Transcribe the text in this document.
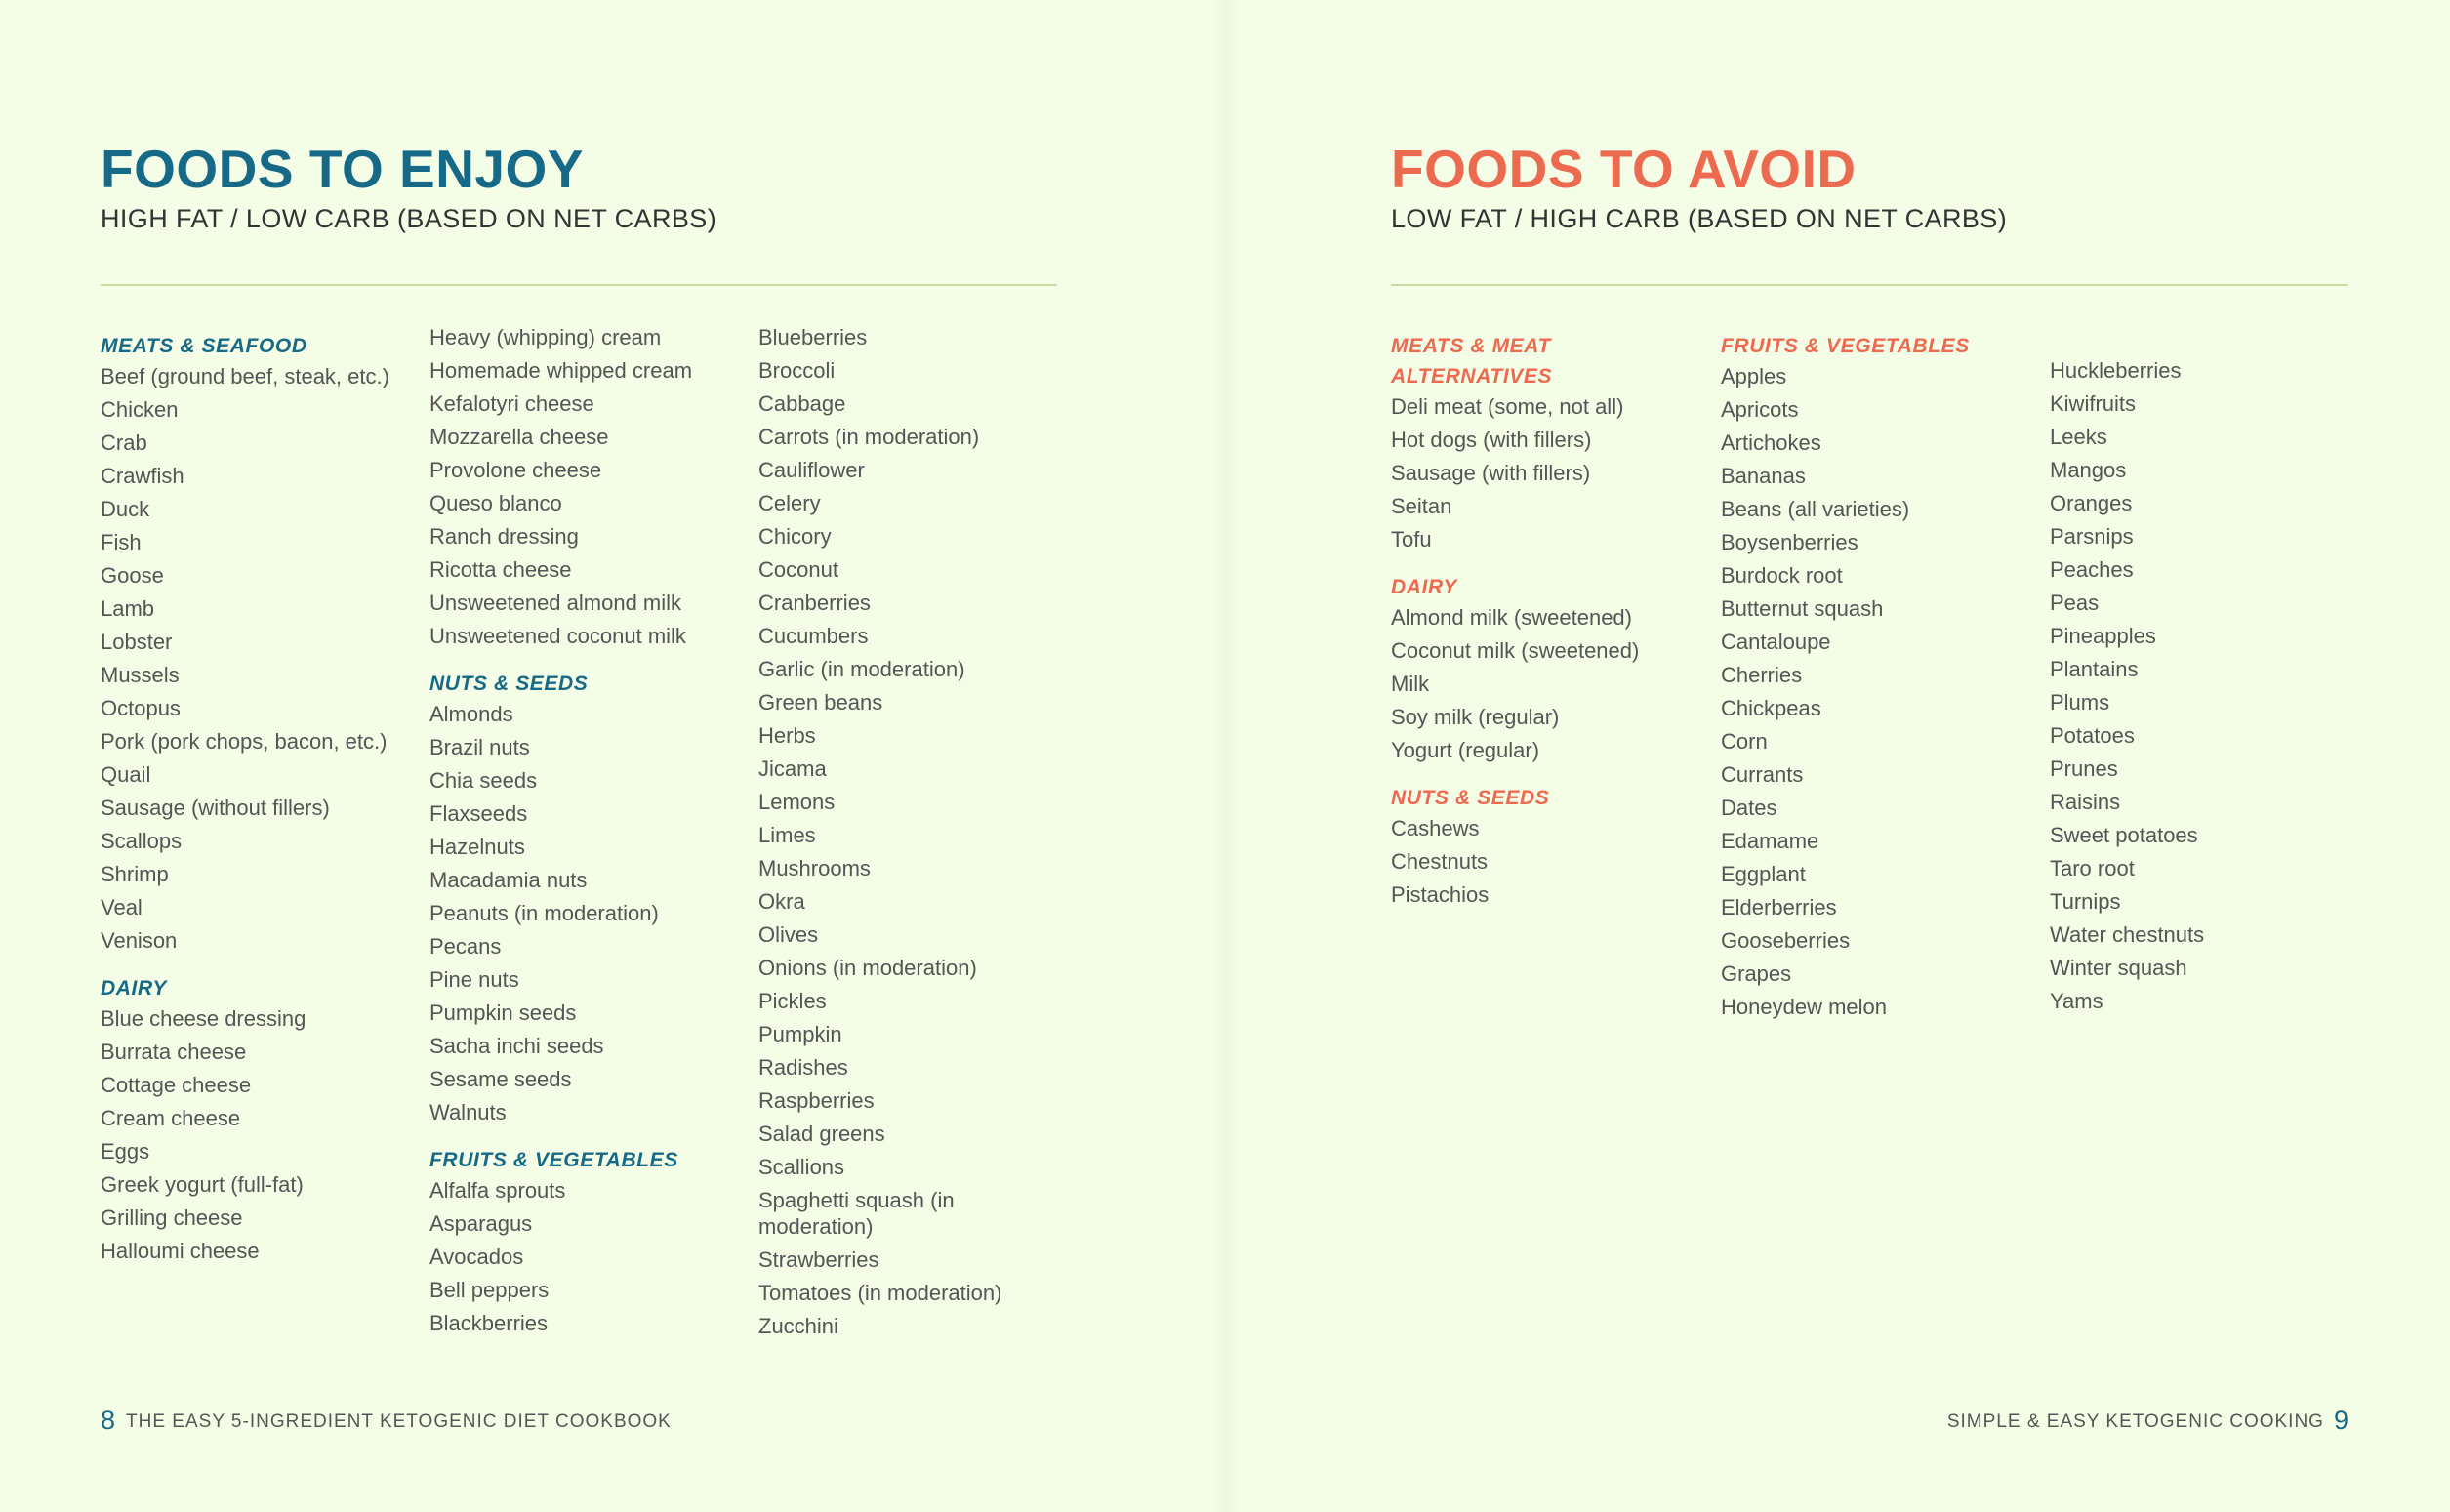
FOODS TO ENJOY
HIGH FAT / LOW CARB (BASED ON NET CARBS)
MEATS & SEAFOOD
Beef (ground beef, steak, etc.)
Chicken
Crab
Crawfish
Duck
Fish
Goose
Lamb
Lobster
Mussels
Octopus
Pork (pork chops, bacon, etc.)
Quail
Sausage (without fillers)
Scallops
Shrimp
Veal
Venison
DAIRY
Blue cheese dressing
Burrata cheese
Cottage cheese
Cream cheese
Eggs
Greek yogurt (full-fat)
Grilling cheese
Halloumi cheese
Heavy (whipping) cream
Homemade whipped cream
Kefalotyri cheese
Mozzarella cheese
Provolone cheese
Queso blanco
Ranch dressing
Ricotta cheese
Unsweetened almond milk
Unsweetened coconut milk
NUTS & SEEDS
Almonds
Brazil nuts
Chia seeds
Flaxseeds
Hazelnuts
Macadamia nuts
Peanuts (in moderation)
Pecans
Pine nuts
Pumpkin seeds
Sacha inchi seeds
Sesame seeds
Walnuts
FRUITS & VEGETABLES
Alfalfa sprouts
Asparagus
Avocados
Bell peppers
Blackberries
Blueberries
Broccoli
Cabbage
Carrots (in moderation)
Cauliflower
Celery
Chicory
Coconut
Cranberries
Cucumbers
Garlic (in moderation)
Green beans
Herbs
Jicama
Lemons
Limes
Mushrooms
Okra
Olives
Onions (in moderation)
Pickles
Pumpkin
Radishes
Raspberries
Salad greens
Scallions
Spaghetti squash (in moderation)
Strawberries
Tomatoes (in moderation)
Zucchini
8 THE EASY 5-INGREDIENT KETOGENIC DIET COOKBOOK
FOODS TO AVOID
LOW FAT / HIGH CARB (BASED ON NET CARBS)
MEATS & MEAT ALTERNATIVES
Deli meat (some, not all)
Hot dogs (with fillers)
Sausage (with fillers)
Seitan
Tofu
DAIRY
Almond milk (sweetened)
Coconut milk (sweetened)
Milk
Soy milk (regular)
Yogurt (regular)
NUTS & SEEDS
Cashews
Chestnuts
Pistachios
FRUITS & VEGETABLES
Apples
Apricots
Artichokes
Bananas
Beans (all varieties)
Boysenberries
Burdock root
Butternut squash
Cantaloupe
Cherries
Chickpeas
Corn
Currants
Dates
Edamame
Eggplant
Elderberries
Gooseberries
Grapes
Honeydew melon
Huckleberries
Kiwifruits
Leeks
Mangos
Oranges
Parsnips
Peaches
Peas
Pineapples
Plantains
Plums
Potatoes
Prunes
Raisins
Sweet potatoes
Taro root
Turnips
Water chestnuts
Winter squash
Yams
SIMPLE & EASY KETOGENIC COOKING 9
